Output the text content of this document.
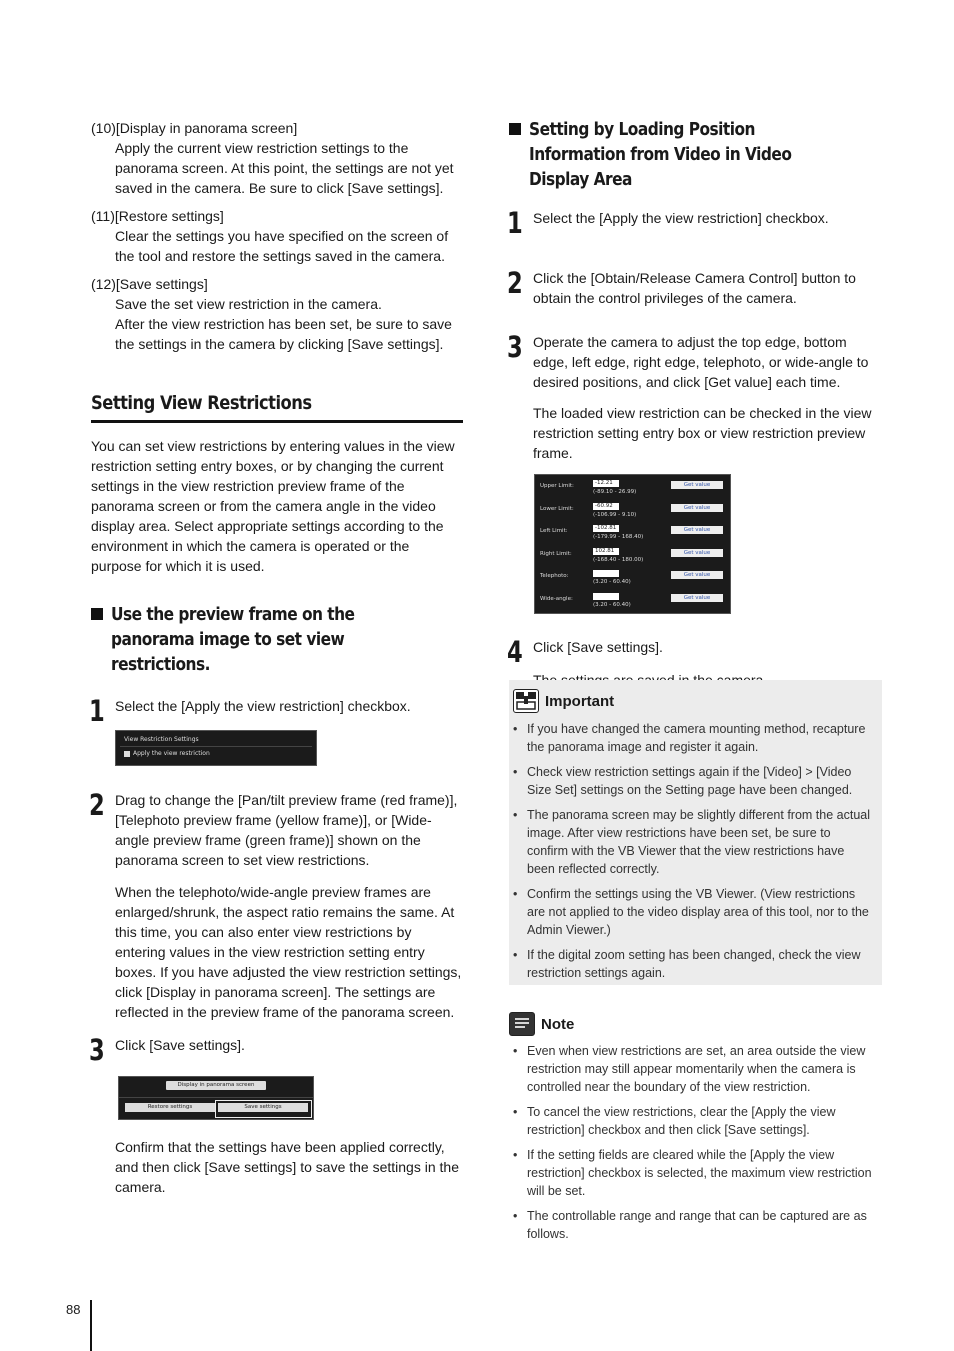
(10)[Display in panorama screen]

Apply the current view restriction settings to the panorama screen. At this point, the settings are not yet saved in the camera. Be sure to click [Save settings].

(11)[Restore settings]

Clear the settings you have specified on the screen of the tool and restore the settings saved in the camera.

(12)[Save settings]

Save the set view restriction in the camera.

After the view restriction has been set, be sure to save the settings in the camera by clicking [Save settings].

Setting View Restrictions

You can set view restrictions by entering values in the view restriction setting entry boxes, or by changing the current settings in the view restriction preview frame of the panorama screen or from the camera angle in the video display area. Select appropriate settings according to the environment in which the camera is operated or the purpose for which it is used.

Use the preview frame on the panorama image to set view restrictions.
1 Select the [Apply the view restriction] checkbox.
View Restriction Settings
Apply the view restriction
2 Drag to change the [Pan/tilt preview frame (red frame)], [Telephoto preview frame (yellow frame)], or [Wide-angle preview frame (green frame)] shown on the panorama screen to set view restrictions.

When the telephoto/wide-angle preview frames are enlarged/shrunk, the aspect ratio remains the same. At this time, you can also enter view restrictions by entering values in the view restriction setting entry boxes. If you have adjusted the view restriction settings, click [Display in panorama screen]. The settings are reflected in the preview frame of the panorama screen.

3 Click [Save settings].
Display in panorama screen
Restore settings	Save settings

Confirm that the settings have been applied correctly, and then click [Save settings] to save the settings in the camera.

Setting by Loading Position Information from Video in Video Display Area
1 Select the [Apply the view restriction] checkbox.
2 Click the [Obtain/Release Camera Control] button to obtain the control privileges of the camera.
3 Operate the camera to adjust the top edge, bottom edge, left edge, right edge, telephoto, or wide-angle to desired positions, and click [Get value] each time.

The loaded view restriction can be checked in the view restriction setting entry box or view restriction preview frame.

Upper Limit:	-12.21
(-89.10 - 26.99)
Get value
Lower Limit:	-60.92
(-106.99 - 9.10)
Get value
Left Limit:	-102.81
(-179.99 - 168.40)
Get value
Right Limit:	102.81
(-168.40 - 180.00)
Get value
Telephoto:
(3.20 - 60.40)
Get value
Wide-angle:
(3.20 - 60.40)
Get value
4 Click [Save settings].

Important
• If you have changed the camera mounting method, recapture the panorama image and register it again.
• Check view restriction settings again if the [Video] > [Video Size Set] settings on the Setting page have been changed.
• The panorama screen may be slightly different from the actual image. After view restrictions have been set, be sure to confirm with the VB Viewer that the view restrictions have been reflected correctly.
• Confirm the settings using the VB Viewer. (View restrictions are not applied to the video display area of this tool, nor to the Admin Viewer.)
• If the digital zoom setting has been changed, check the view restriction settings again.
Note
• Even when view restrictions are set, an area outside the view restriction may still appear momentarily when the camera is controlled near the boundary of the view restriction.
• To cancel the view restrictions, clear the [Apply the view restriction] checkbox and then click [Save settings].
• If the setting fields are cleared while the [Apply the view restriction] checkbox is selected, the maximum view restriction will be set.
• The controllable range and range that can be captured are as follows.
88
